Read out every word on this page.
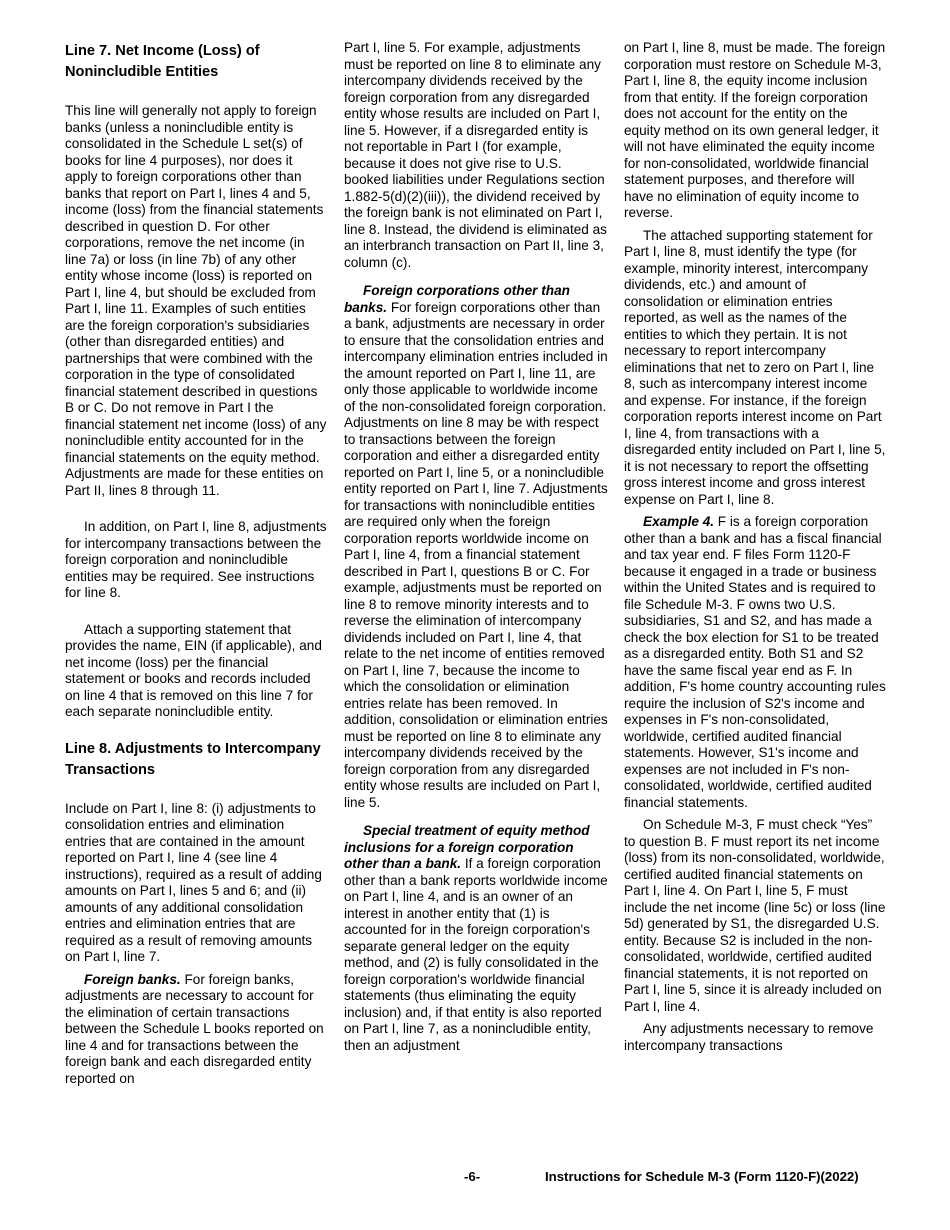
Line 7. Net Income (Loss) of Nonincludible Entities

This line will generally not apply to foreign banks (unless a nonincludible entity is consolidated in the Schedule L set(s) of books for line 4 purposes), nor does it apply to foreign corporations other than banks that report on Part I, lines 4 and 5, income (loss) from the financial statements described in question D. For other corporations, remove the net income (in line 7a) or loss (in line 7b) of any other entity whose income (loss) is reported on Part I, line 4, but should be excluded from Part I, line 11. Examples of such entities are the foreign corporation's subsidiaries (other than disregarded entities) and partnerships that were combined with the corporation in the type of consolidated financial statement described in questions B or C. Do not remove in Part I the financial statement net income (loss) of any nonincludible entity accounted for in the financial statements on the equity method. Adjustments are made for these entities on Part II, lines 8 through 11.

In addition, on Part I, line 8, adjustments for intercompany transactions between the foreign corporation and nonincludible entities may be required. See instructions for line 8.

Attach a supporting statement that provides the name, EIN (if applicable), and net income (loss) per the financial statement or books and records included on line 4 that is removed on this line 7 for each separate nonincludible entity.

Line 8. Adjustments to Intercompany Transactions

Include on Part I, line 8: (i) adjustments to consolidation entries and elimination entries that are contained in the amount reported on Part I, line 4 (see line 4 instructions), required as a result of adding amounts on Part I, lines 5 and 6; and (ii) amounts of any additional consolidation entries and elimination entries that are required as a result of removing amounts on Part I, line 7.

Foreign banks. For foreign banks, adjustments are necessary to account for the elimination of certain transactions between the Schedule L books reported on line 4 and for transactions between the foreign bank and each disregarded entity reported on

Part I, line 5. For example, adjustments must be reported on line 8 to eliminate any intercompany dividends received by the foreign corporation from any disregarded entity whose results are included on Part I, line 5. However, if a disregarded entity is not reportable in Part I (for example, because it does not give rise to U.S. booked liabilities under Regulations section 1.882-5(d)(2)(iii)), the dividend received by the foreign bank is not eliminated on Part I, line 8. Instead, the dividend is eliminated as an interbranch transaction on Part II, line 3, column (c).

Foreign corporations other than banks. For foreign corporations other than a bank, adjustments are necessary in order to ensure that the consolidation entries and intercompany elimination entries included in the amount reported on Part I, line 11, are only those applicable to worldwide income of the non-consolidated foreign corporation. Adjustments on line 8 may be with respect to transactions between the foreign corporation and either a disregarded entity reported on Part I, line 5, or a nonincludible entity reported on Part I, line 7. Adjustments for transactions with nonincludible entities are required only when the foreign corporation reports worldwide income on Part I, line 4, from a financial statement described in Part I, questions B or C. For example, adjustments must be reported on line 8 to remove minority interests and to reverse the elimination of intercompany dividends included on Part I, line 4, that relate to the net income of entities removed on Part I, line 7, because the income to which the consolidation or elimination entries relate has been removed. In addition, consolidation or elimination entries must be reported on line 8 to eliminate any intercompany dividends received by the foreign corporation from any disregarded entity whose results are included on Part I, line 5.

Special treatment of equity method inclusions for a foreign corporation other than a bank. If a foreign corporation other than a bank reports worldwide income on Part I, line 4, and is an owner of an interest in another entity that (1) is accounted for in the foreign corporation's separate general ledger on the equity method, and (2) is fully consolidated in the foreign corporation's worldwide financial statements (thus eliminating the equity inclusion) and, if that entity is also reported on Part I, line 7, as a nonincludible entity, then an adjustment

on Part I, line 8, must be made. The foreign corporation must restore on Schedule M-3, Part I, line 8, the equity income inclusion from that entity. If the foreign corporation does not account for the entity on the equity method on its own general ledger, it will not have eliminated the equity income for non-consolidated, worldwide financial statement purposes, and therefore will have no elimination of equity income to reverse.

The attached supporting statement for Part I, line 8, must identify the type (for example, minority interest, intercompany dividends, etc.) and amount of consolidation or elimination entries reported, as well as the names of the entities to which they pertain. It is not necessary to report intercompany eliminations that net to zero on Part I, line 8, such as intercompany interest income and expense. For instance, if the foreign corporation reports interest income on Part I, line 4, from transactions with a disregarded entity included on Part I, line 5, it is not necessary to report the offsetting gross interest income and gross interest expense on Part I, line 8.

Example 4. F is a foreign corporation other than a bank and has a fiscal financial and tax year end. F files Form 1120-F because it engaged in a trade or business within the United States and is required to file Schedule M-3. F owns two U.S. subsidiaries, S1 and S2, and has made a check the box election for S1 to be treated as a disregarded entity. Both S1 and S2 have the same fiscal year end as F. In addition, F's home country accounting rules require the inclusion of S2's income and expenses in F's non-consolidated, worldwide, certified audited financial statements. However, S1's income and expenses are not included in F's non-consolidated, worldwide, certified audited financial statements.

On Schedule M-3, F must check “Yes” to question B. F must report its net income (loss) from its non-consolidated, worldwide, certified audited financial statements on Part I, line 4. On Part I, line 5, F must include the net income (line 5c) or loss (line 5d) generated by S1, the disregarded U.S. entity. Because S2 is included in the non-consolidated, worldwide, certified audited financial statements, it is not reported on Part I, line 5, since it is already included on Part I, line 4.

Any adjustments necessary to remove intercompany transactions

-6-	Instructions for Schedule M-3 (Form 1120-F)(2022)
